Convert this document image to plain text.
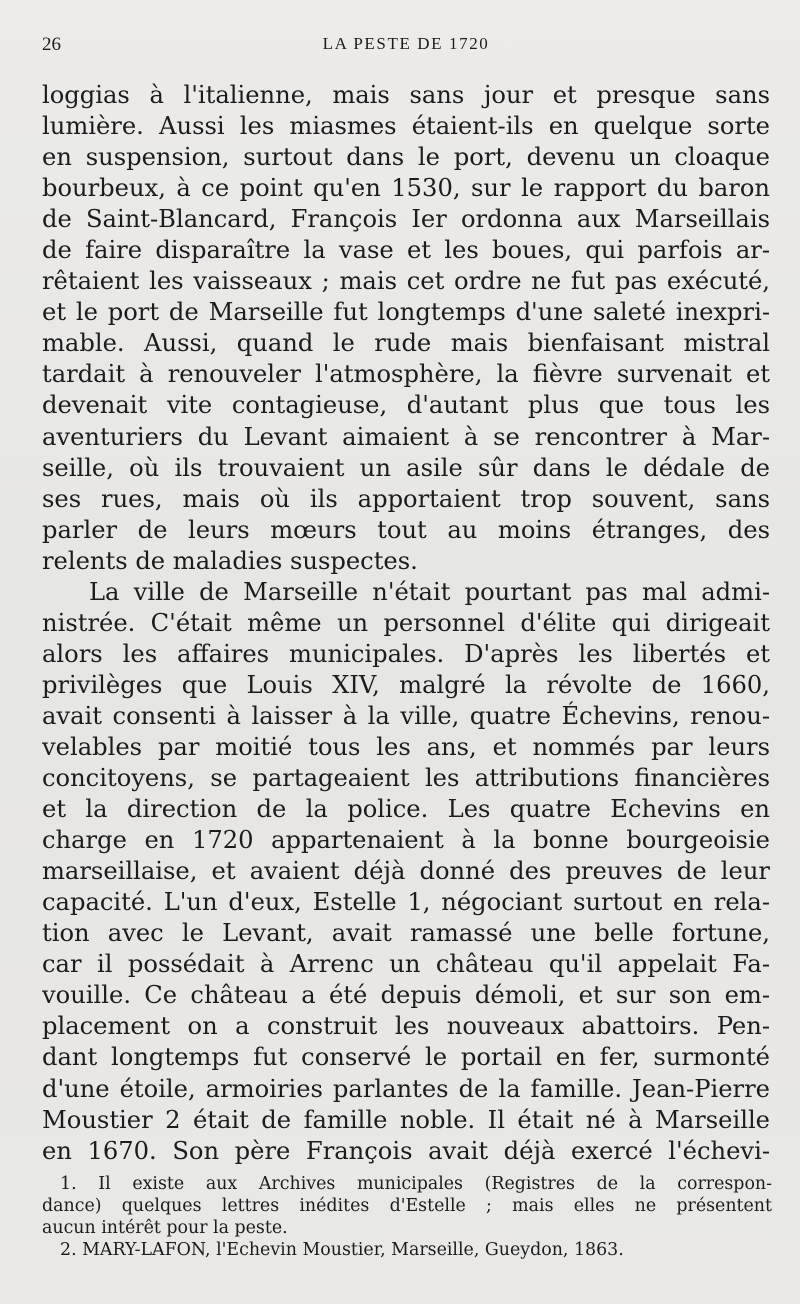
26	LA PESTE DE 1720
loggias à l'italienne, mais sans jour et presque sans
lumière. Aussi les miasmes étaient-ils en quelque sorte
en suspension, surtout dans le port, devenu un cloaque
bourbeux, à ce point qu'en 1530, sur le rapport du baron
de Saint-Blancard, François Ier ordonna aux Marseillais
de faire disparaître la vase et les boues, qui parfois ar-
rêtaient les vaisseaux ; mais cet ordre ne fut pas exécuté,
et le port de Marseille fut longtemps d'une saleté inexpri-
mable. Aussi, quand le rude mais bienfaisant mistral
tardait à renouveler l'atmosphère, la fièvre survenait et
devenait vite contagieuse, d'autant plus que tous les
aventuriers du Levant aimaient à se rencontrer à Mar-
seille, où ils trouvaient un asile sûr dans le dédale de
ses rues, mais où ils apportaient trop souvent, sans
parler de leurs mœurs tout au moins étranges, des
relents de maladies suspectes.
La ville de Marseille n'était pourtant pas mal admi-
nistrée. C'était même un personnel d'élite qui dirigeait
alors les affaires municipales. D'après les libertés et
privilèges que Louis XIV, malgré la révolte de 1660,
avait consenti à laisser à la ville, quatre Échevins, renou-
velables par moitié tous les ans, et nommés par leurs
concitoyens, se partageaient les attributions financières
et la direction de la police. Les quatre Echevins en
charge en 1720 appartenaient à la bonne bourgeoisie
marseillaise, et avaient déjà donné des preuves de leur
capacité. L'un d'eux, Estelle 1, négociant surtout en rela-
tion avec le Levant, avait ramassé une belle fortune,
car il possédait à Arrenc un château qu'il appelait Fa-
vouille. Ce château a été depuis démoli, et sur son em-
placement on a construit les nouveaux abattoirs. Pen-
dant longtemps fut conservé le portail en fer, surmonté
d'une étoile, armoiries parlantes de la famille. Jean-Pierre
Moustier 2 était de famille noble. Il était né à Marseille
en 1670. Son père François avait déjà exercé l'échevi-
1. Il existe aux Archives municipales (Registres de la correspon-
dance) quelques lettres inédites d'Estelle ; mais elles ne présentent
aucun intérêt pour la peste.
2. MARY-LAFON, l'Echevin Moustier, Marseille, Gueydon, 1863.
